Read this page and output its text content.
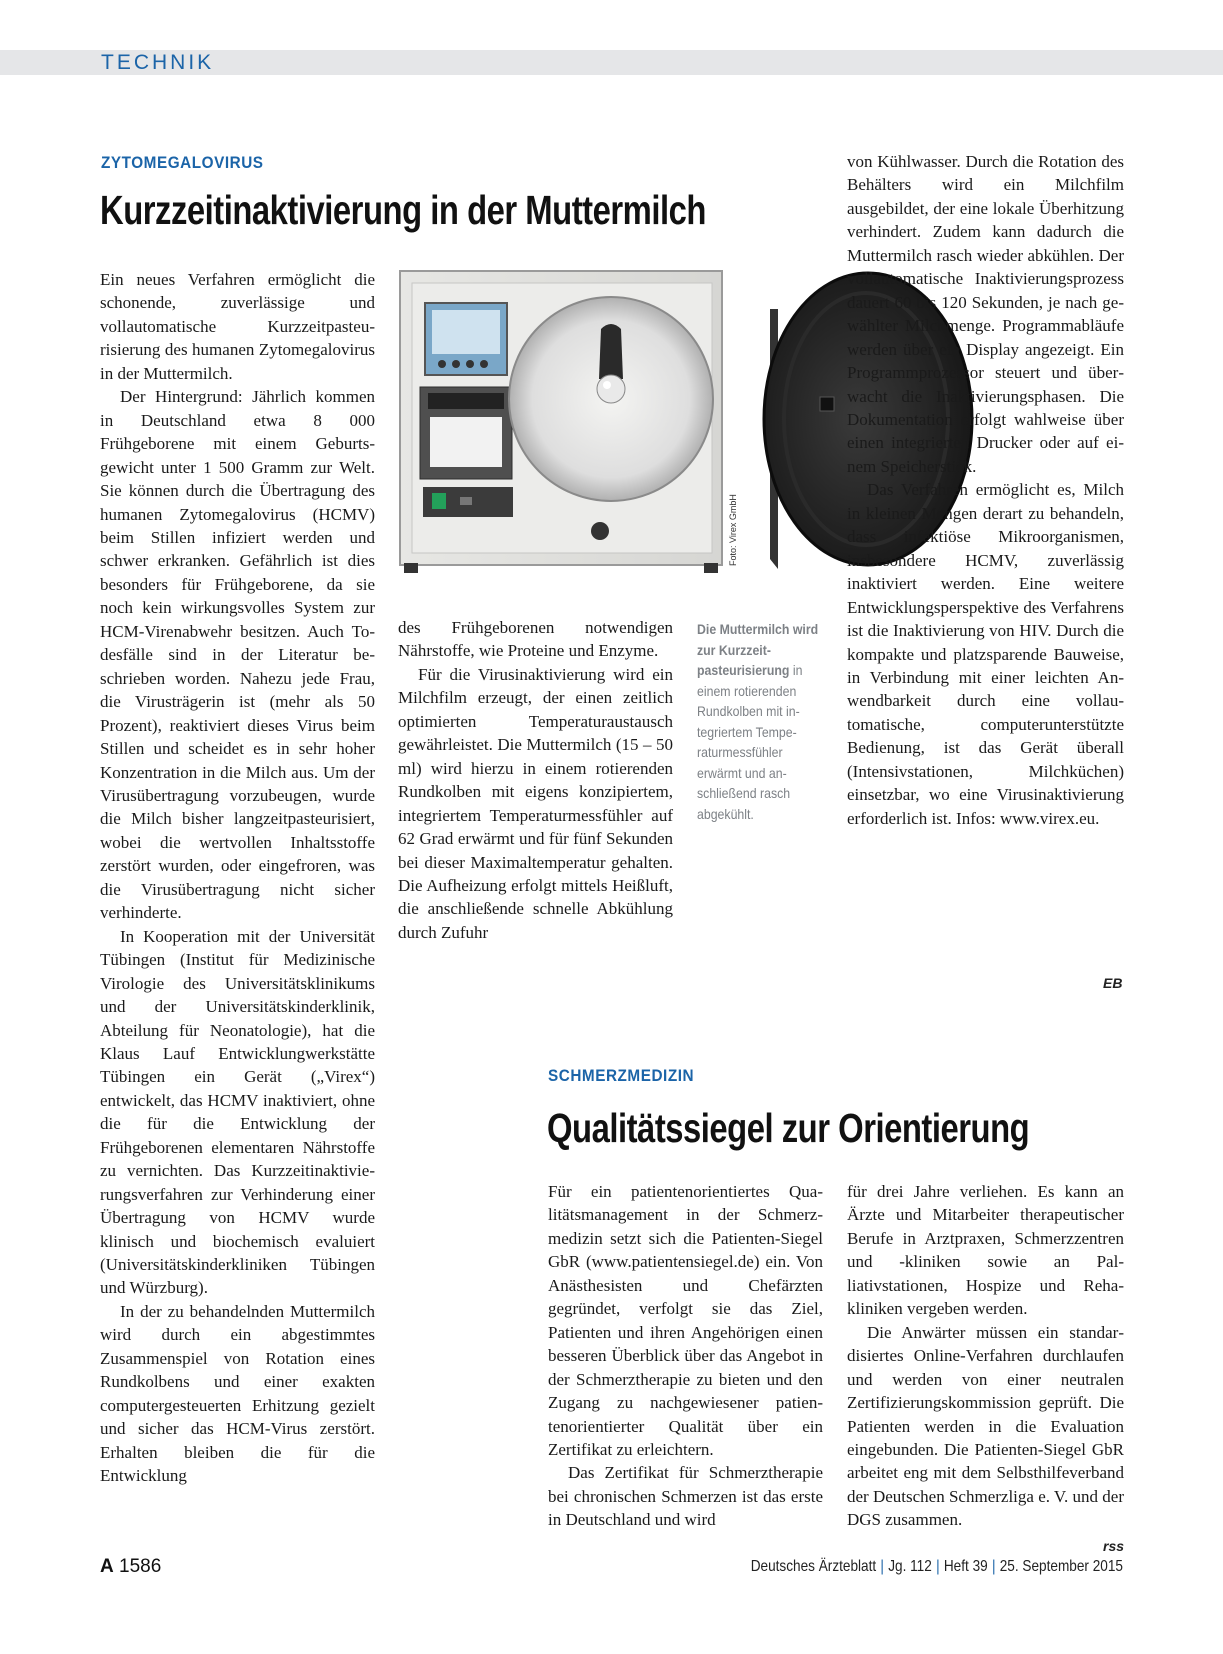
TECHNIK
ZYTOMEGALOVIRUS
Kurzzeitinaktivierung in der Muttermilch

Ein neues Verfahren ermöglicht die schonende, zuverlässige und vollautomatische Kurzzeitpasteurisierung des humanen Zytomegalovirus in der Muttermilch.

Der Hintergrund: Jährlich kommen in Deutschland etwa 8 000 Frühgeborene mit einem Geburtsgewicht unter 1 500 Gramm zur Welt. Sie können durch die Übertragung des humanen Zytomegalovirus (HCMV) beim Stillen infiziert werden und schwer erkranken. Gefährlich ist dies besonders für Frühgeborene, da sie noch kein wirkungsvolles System zur HCM-Virenabwehr besitzen. Auch Todesfälle sind in der Literatur beschrieben worden. Nahezu jede Frau, die Virusträgerin ist (mehr als 50 Prozent), reaktiviert dieses Virus beim Stillen und scheidet es in sehr hoher Konzentration in die Milch aus. Um der Virusübertragung vorzubeugen, wurde die Milch bisher langzeitpasteurisiert, wobei die wertvollen Inhaltsstoffe zerstört wurden, oder eingefroren, was die Virusübertragung nicht sicher verhinderte.

In Kooperation mit der Universität Tübingen (Institut für Medizinische Virologie des Universitätsklinikums und der Universitätskinderklinik, Abteilung für Neonatologie), hat die Klaus Lauf Entwicklungwerkstätte Tübingen ein Gerät („Virex“) entwickelt, das HCMV inaktiviert, ohne die für die Entwicklung der Frühgeborenen elementaren Nährstoffe zu vernichten. Das Kurzzeitinaktivierungsverfahren zur Verhinderung einer Übertragung von HCMV wurde klinisch und biochemisch evaluiert (Universitätskinderkliniken Tübingen und Würzburg).

In der zu behandelnden Muttermilch wird durch ein abgestimmtes Zusammenspiel von Rotation eines Rundkolbens und einer exakten computergesteuerten Erhitzung gezielt und sicher das HCM-Virus zerstört. Erhalten bleiben die für die Entwicklung

Foto: Virex GmbH

des Frühgeborenen notwendigen Nährstoffe, wie Proteine und Enzyme.

Für die Virusinaktivierung wird ein Milchfilm erzeugt, der einen zeitlich optimierten Temperaturaustausch gewährleistet. Die Muttermilch (15 – 50 ml) wird hierzu in einem rotierenden Rundkolben mit eigens konzipiertem, integriertem Temperaturmessfühler auf 62 Grad erwärmt und für fünf Sekunden bei dieser Maximaltemperatur gehalten. Die Aufheizung erfolgt mittels Heißluft, die anschließende schnelle Abkühlung durch Zufuhr

Die Muttermilch wird zur Kurzzeitpasteurisierung in einem rotierenden Rundkolben mit integriertem Temperaturmessfühler erwärmt und anschließend rasch abgekühlt.

von Kühlwasser. Durch die Rotation des Behälters wird ein Milchfilm ausgebildet, der eine lokale Überhitzung verhindert. Zudem kann dadurch die Muttermilch rasch wieder abkühlen. Der vollautomatische Inaktivierungsprozess dauert 60 bis 120 Sekunden, je nach gewählter Milchmenge. Programmabläufe werden über ein Display angezeigt. Ein Programmprozessor steuert und überwacht die Inaktivierungsphasen. Die Dokumentation erfolgt wahlweise über einen integrierten Drucker oder auf einem Speicherstick.

Das Verfahren ermöglicht es, Milch in kleinen Mengen derart zu behandeln, dass infektiöse Mikroorganismen, insbesondere HCMV, zuverlässig inaktiviert werden. Eine weitere Entwicklungsperspektive des Verfahrens ist die Inaktivierung von HIV. Durch die kompakte und platzsparende Bauweise, in Verbindung mit einer leichten Anwendbarkeit durch eine vollautomatische, computerunterstützte Bedienung, ist das Gerät überall (Intensivstationen, Milchküchen) einsetzbar, wo eine Virusinaktivierung erforderlich ist. Infos: www.virex.eu.

EB
SCHMERZMEDIZIN
Qualitätssiegel zur Orientierung

Für ein patientenorientiertes Qualitätsmanagement in der Schmerzmedizin setzt sich die Patienten-Siegel GbR (www.patientensiegel.de) ein. Von Anästhesisten und Chefärzten gegründet, verfolgt sie das Ziel, Patienten und ihren Angehörigen einen besseren Überblick über das Angebot in der Schmerztherapie zu bieten und den Zugang zu nachgewiesener patientenorientierter Qualität über ein Zertifikat zu erleichtern.

Das Zertifikat für Schmerztherapie bei chronischen Schmerzen ist das erste in Deutschland und wird

für drei Jahre verliehen. Es kann an Ärzte und Mitarbeiter therapeutischer Berufe in Arztpraxen, Schmerzzentren und -kliniken sowie an Palliativstationen, Hospize und Rehakliniken vergeben werden.

Die Anwärter müssen ein standardisiertes Online-Verfahren durchlaufen und werden von einer neutralen Zertifizierungskommission geprüft. Die Patienten werden in die Evaluation eingebunden. Die Patienten-Siegel GbR arbeitet eng mit dem Selbsthilfeverband der Deutschen Schmerzliga e. V. und der DGS zusammen.

rss
A 1586	Deutsches Ärzteblatt | Jg. 112 | Heft 39 | 25. September 2015
